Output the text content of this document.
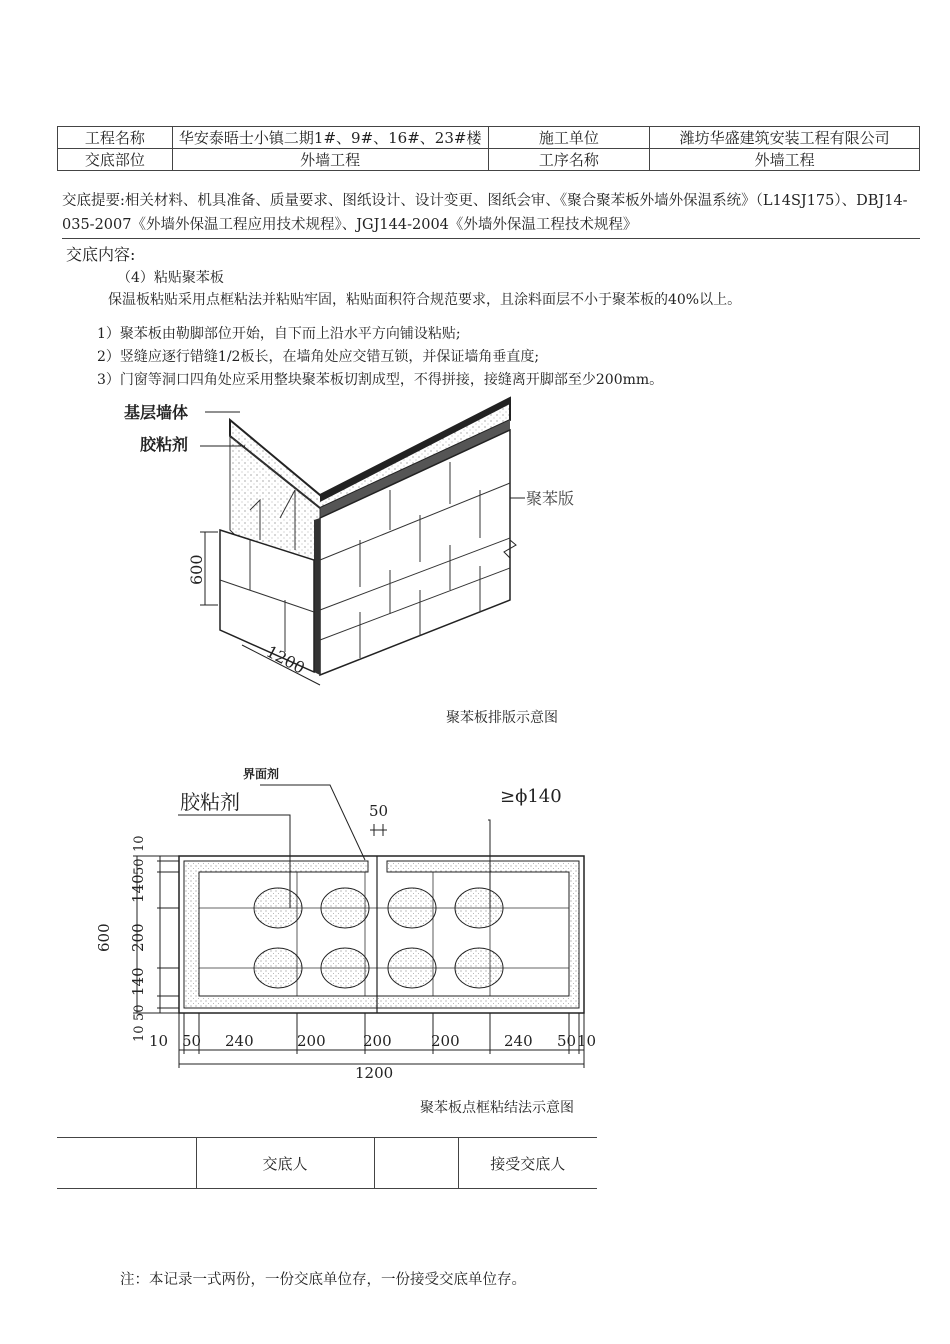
工程名称	华安泰晤士小镇二期1#、9#、16#、23#楼	施工单位	潍坊华盛建筑安装工程有限公司
交底部位	外墙工程	工序名称	外墙工程
交底提要:相关材料、机具准备、质量要求、图纸设计、设计变更、图纸会审、《聚合聚苯板外墙外保温系统》（L14SJ175）、DBJ14-035-2007《外墙外保温工程应用技术规程》、JGJ144-2004《外墙外保温工程技术规程》
交底内容:
（4）粘贴聚苯板
保温板粘贴采用点框粘法并粘贴牢固，粘贴面积符合规范要求，且涂料面层不小于聚苯板的40%以上。
1）聚苯板由勒脚部位开始，自下而上沿水平方向铺设粘贴;
2）竖缝应逐行错缝1/2板长，在墙角处应交错互锁，并保证墙角垂直度;
3）门窗等洞口四角处应采用整块聚苯板切割成型，不得拼接，接缝离开脚部至少200mm。
基层墙体
胶粘剂
聚苯版
600
1200
聚苯板排版示意图
界面剂
胶粘剂	50
≥ϕ140
600
10
50
140
200
140
50
10 10 50 240	200 200	200	240 50 10
1200
聚苯板点框粘结法示意图
	交底人		接受交底人
注：本记录一式两份，一份交底单位存，一份接受交底单位存。
